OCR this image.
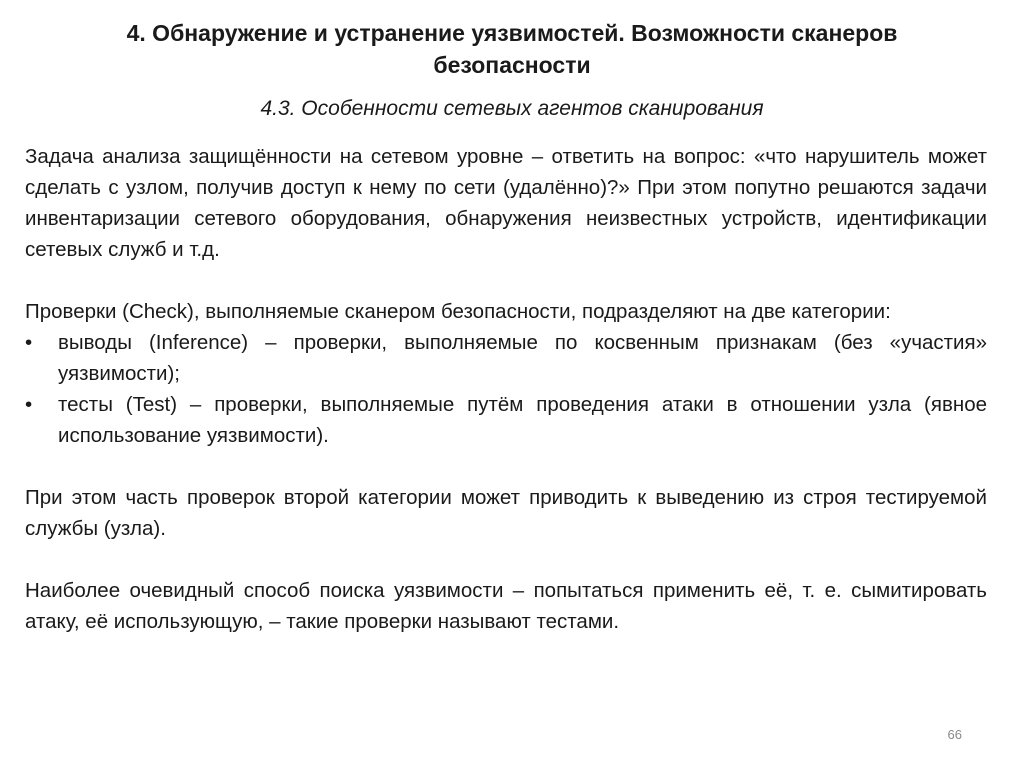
4. Обнаружение и устранение уязвимостей. Возможности сканеров безопасности
4.3. Особенности сетевых агентов сканирования

Задача анализа защищённости на сетевом уровне – ответить на вопрос: «что нарушитель может сделать с узлом, получив доступ к нему по сети (удалённо)?» При этом попутно решаются задачи инвентаризации сетевого оборудования, обнаружения неизвестных устройств, идентификации сетевых служб и т.д.

Проверки (Check), выполняемые сканером безопасности, подразделяют на две категории:

• выводы (Inference) – проверки, выполняемые по косвенным признакам (без «участия» уязвимости);
• тесты (Test) – проверки, выполняемые путём проведения атаки в отношении узла (явное использование уязвимости).

При этом часть проверок второй категории может приводить к выведению из строя тестируемой службы (узла).

Наиболее очевидный способ поиска уязвимости – попытаться применить её, т. е. сымитировать атаку, её использующую, – такие проверки называют тестами.

66
